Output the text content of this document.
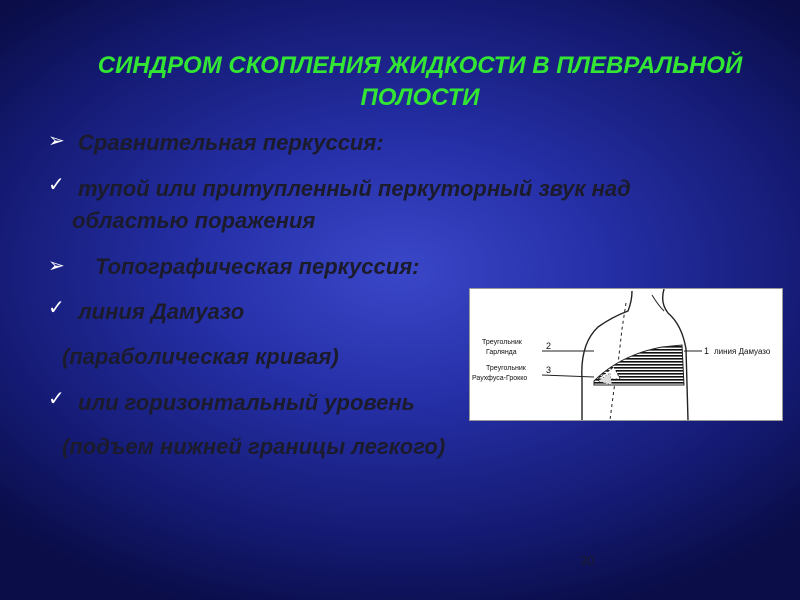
СИНДРОМ СКОПЛЕНИЯ ЖИДКОСТИ В ПЛЕВРАЛЬНОЙ
ПОЛОСТИ
➢ Сравнительная перкуссия:
✓ тупой или притупленный перкуторный звук над
областью поражения
➢ Топографическая перкуссия:
✓ линия Дамуазо
(параболическая кривая)
✓ или горизонтальный уровень
(подъем нижней границы легкого)
Треугольник
Гарлянда
Треугольник
Раухфуса-Грокко
2
3
1 линия Дамуазо
30
